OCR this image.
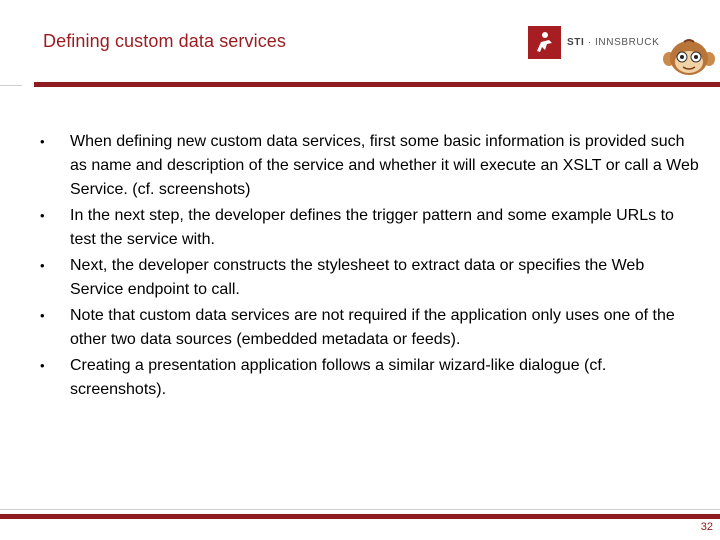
Defining custom data services	STI · INNSBRUCK
•	When defining new custom data services, first some basic information is provided such as name and description of the service and whether it will execute an XSLT or call a Web Service. (cf. screenshots)
•	In the next step, the developer defines the trigger pattern and some example URLs to test the service with.
•	Next, the developer constructs the stylesheet to extract data or specifies the Web Service endpoint to call.
•	Note that custom data services are not required if the application only uses one of the other two data sources (embedded metadata or feeds).
•	Creating a presentation application follows a similar wizard-like dialogue (cf. screenshots).
32
